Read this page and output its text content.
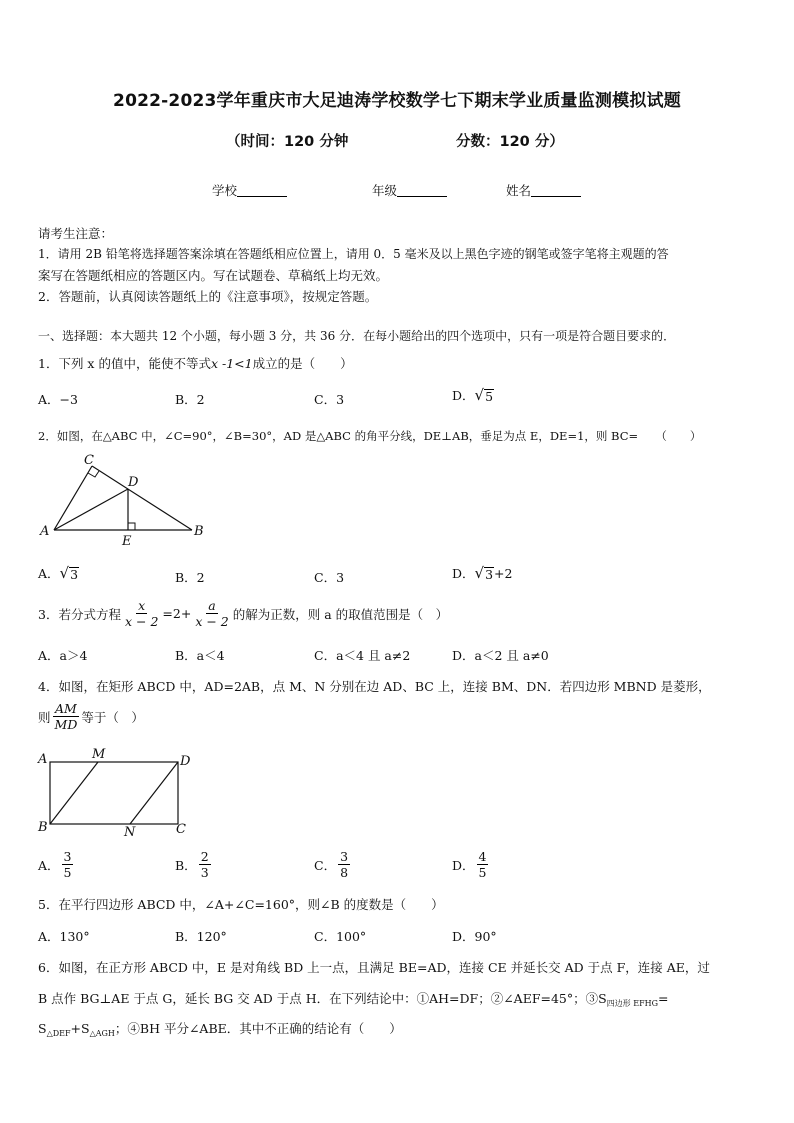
2022-2023学年重庆市大足迪涛学校数学七下期末学业质量监测模拟试题
（时间：120 分钟	分数：120 分）
学校	年级	姓名
请考生注意：
1．请用 2B 铅笔将选择题答案涂填在答题纸相应位置上，请用 0．5 毫米及以上黑色字迹的钢笔或签字笔将主观题的答
案写在答题纸相应的答题区内。写在试题卷、草稿纸上均无效。
2．答题前，认真阅读答题纸上的《注意事项》，按规定答题。
一、选择题：本大题共 12 个小题，每小题 3 分，共 36 分．在每小题给出的四个选项中，只有一项是符合题目要求的．
1．下列 x 的值中，能使不等式x -1<1成立的是（　　）
A．−3	B．2	C．3	D． √ 5
2．如图，在△ABC 中，∠C=90°，∠B=30°，AD 是△ABC 的角平分线，DE⊥AB，垂足为点 E，DE=1，则 BC=　　（　　）
C
D
A
E
B
A． √ 3	B．2	C．3	D． √ 3 +2
3．若分式方程 $\frac{x}{x - 2} =2+ \frac{a}{x - 2}$ 的解为正数，则 a 的取值范围是（　）
A．a＞4	B．a＜4	C．a＜4 且 a≠2	D．a＜2 且 a≠0
4．如图，在矩形 ABCD 中，AD=2AB，点 M、N 分别在边 AD、BC 上，连接 BM、DN．若四边形 MBND 是菱形，
则 $\frac{AM}{MD}$ 等于（　）
A	M	D
B	N	C
A． $\frac{3}{5}$	B． $\frac{2}{3}$	C． $\frac{3}{8}$	D． $\frac{4}{5}$
5．在平行四边形 ABCD 中，∠A+∠C=160°，则∠B 的度数是（　　）
A．130°	B．120°	C．100°	D．90°
6．如图，在正方形 ABCD 中，E 是对角线 BD 上一点，且满足 BE=AD，连接 CE 并延长交 AD 于点 F，连接 AE，过
B 点作 BG⊥AE 于点 G，延长 BG 交 AD 于点 H．在下列结论中：①AH=DF；②∠AEF=45°；$③S_{四边形 EFHG}=$
$S_{\triangle DEF}+S_{\triangle AGH}$；④BH 平分∠ABE．其中不正确的结论有（　　）
